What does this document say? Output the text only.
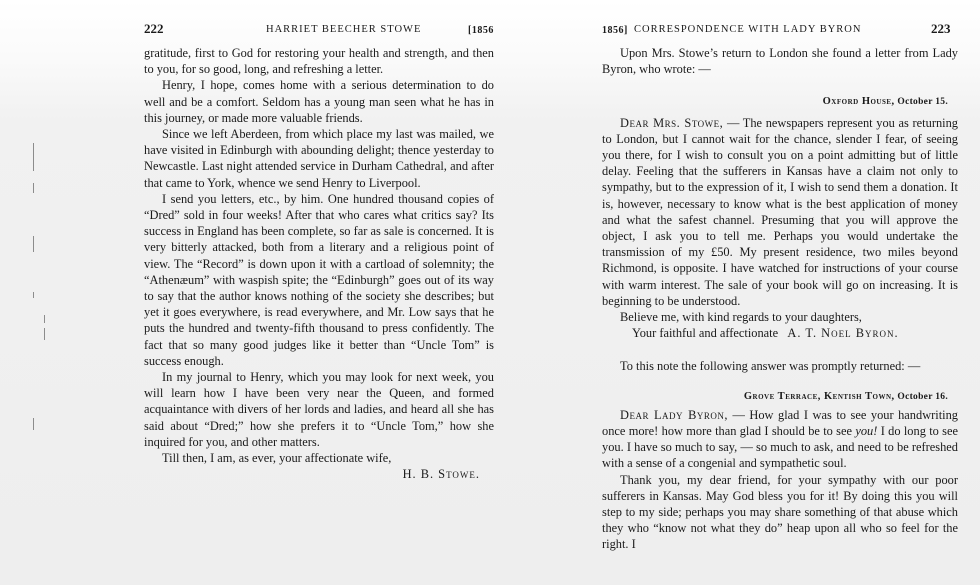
222	HARRIET BEECHER STOWE	[1856

gratitude, first to God for restoring your health and strength, and then to you, for so good, long, and refreshing a letter.

Henry, I hope, comes home with a serious determination to do well and be a comfort. Seldom has a young man seen what he has in this journey, or made more valuable friends.

Since we left Aberdeen, from which place my last was mailed, we have visited in Edinburgh with abounding delight; thence yesterday to Newcastle. Last night attended service in Durham Cathedral, and after that came to York, whence we send Henry to Liverpool.

I send you letters, etc., by him. One hundred thousand copies of “Dred” sold in four weeks! After that who cares what critics say? Its success in England has been complete, so far as sale is concerned. It is very bitterly attacked, both from a literary and a religious point of view. The “Record” is down upon it with a cartload of solemnity; the “Athenæum” with waspish spite; the “Edinburgh” goes out of its way to say that the author knows nothing of the society she describes; but yet it goes everywhere, is read everywhere, and Mr. Low says that he puts the hundred and twenty-fifth thousand to press confidently. The fact that so many good judges like it better than “Uncle Tom” is success enough.

In my journal to Henry, which you may look for next week, you will learn how I have been very near the Queen, and formed acquaintance with divers of her lords and ladies, and heard all she has said about “Dred;” how she prefers it to “Uncle Tom,” how she inquired for you, and other matters.

Till then, I am, as ever, your affectionate wife,

H. B. Stowe.

1856] CORRESPONDENCE WITH LADY BYRON	223

Upon Mrs. Stowe’s return to London she found a letter from Lady Byron, who wrote: —

Oxford House, October 15.

Dear Mrs. Stowe, — The newspapers represent you as returning to London, but I cannot wait for the chance, slender I fear, of seeing you there, for I wish to consult you on a point admitting but of little delay. Feeling that the sufferers in Kansas have a claim not only to sympathy, but to the expression of it, I wish to send them a donation. It is, however, necessary to know what is the best application of money and what the safest channel. Presuming that you will approve the object, I ask you to tell me. Perhaps you would undertake the transmission of my £50. My present residence, two miles beyond Richmond, is opposite. I have watched for instructions of your course with warm interest. The sale of your book will go on increasing. It is beginning to be understood.

Believe me, with kind regards to your daughters,

Your faithful and affectionate A. T. Noel Byron.

To this note the following answer was promptly returned: —

Grove Terrace, Kentish Town, October 16.

Dear Lady Byron, — How glad I was to see your handwriting once more! how more than glad I should be to see you! I do long to see you. I have so much to say, — so much to ask, and need to be refreshed with a sense of a congenial and sympathetic soul.

Thank you, my dear friend, for your sympathy with our poor sufferers in Kansas. May God bless you for it! By doing this you will step to my side; perhaps you may share something of that abuse which they who “know not what they do” heap upon all who so feel for the right. I
